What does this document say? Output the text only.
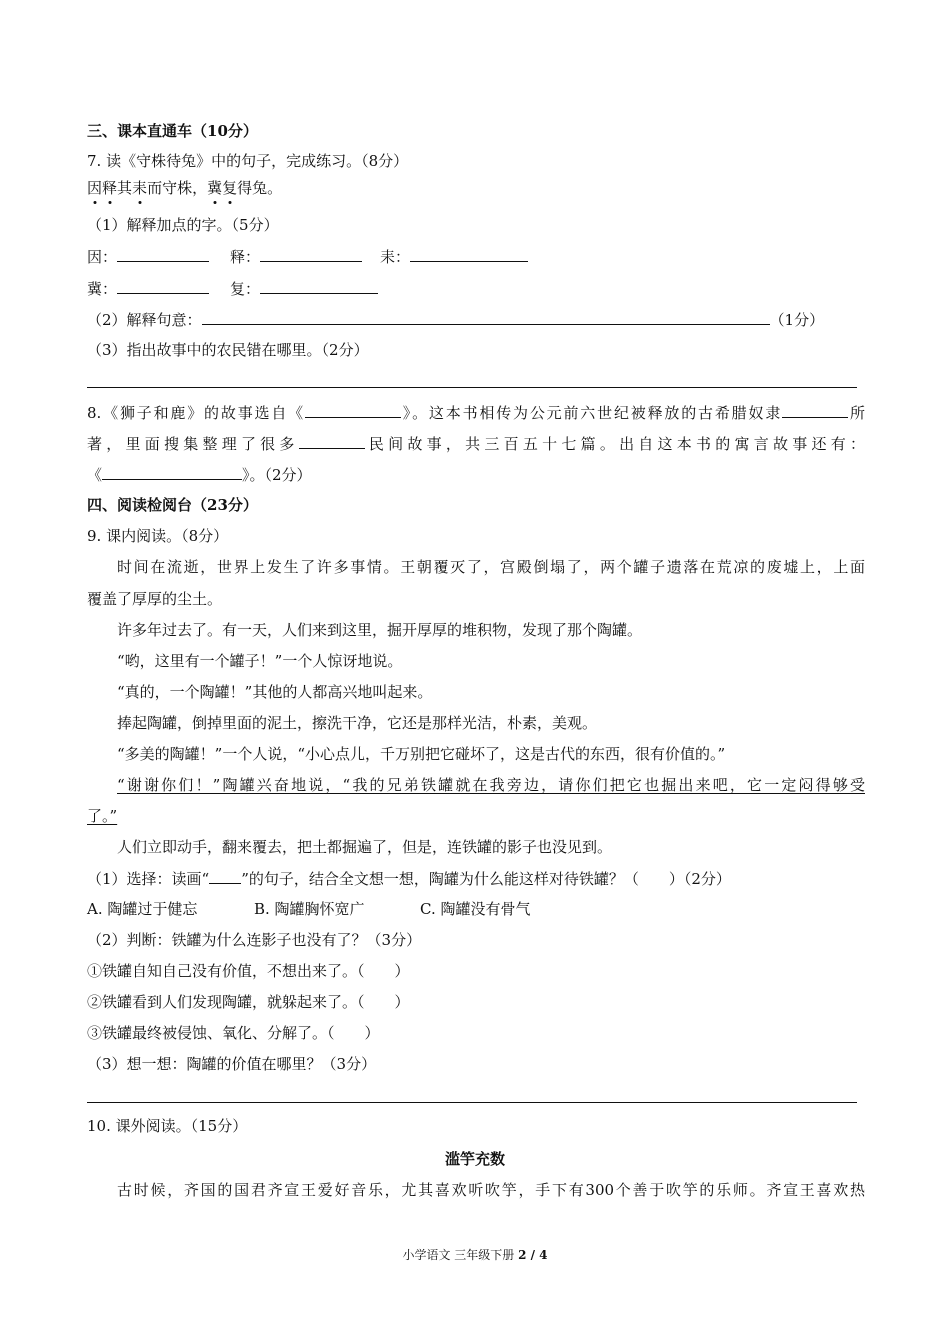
三、课本直通车（10分）
7. 读《守株待兔》中的句子，完成练习。（8分）
因
释
其耒
而守株，冀
复
得兔。
（1）解释加点的字。（5分）
因：	释：	耒：
冀：	复：
（2）解释句意：	（1分）
（3）指出故事中的农民错在哪里。（2分）
8.《狮子和鹿》的故事选自《	》。这本书相传为公元前六世纪被释放的古希腊奴隶	所
著，里面搜集整理了很多	民间故事，共三百五十七篇。出自这本书的寓言故事还有：
《	》。（2分）
四、阅读检阅台（23分）
9. 课内阅读。（8分）
时间在流逝，世界上发生了许多事情。王朝覆灭了，宫殿倒塌了，两个罐子遗落在荒凉的废墟上，上面
覆盖了厚厚的尘土。
许多年过去了。有一天，人们来到这里，掘开厚厚的堆积物，发现了那个陶罐。
“哟，这里有一个罐子！”一个人惊讶地说。
“真的，一个陶罐！”其他的人都高兴地叫起来。
捧起陶罐，倒掉里面的泥土，擦洗干净，它还是那样光洁，朴素，美观。
“多美的陶罐！”一个人说，“小心点儿，千万别把它碰坏了，这是古代的东西，很有价值的。”
“谢谢你们！”陶罐兴奋地说，“我的兄弟铁罐就在我旁边，请你们把它也掘出来吧，它一定闷得够受
了。”
人们立即动手，翻来覆去，把土都掘遍了，但是，连铁罐的影子也没见到。
（1）选择：读画“ ”的句子，结合全文想一想，陶罐为什么能这样对待铁罐？（　　）（2分）
A. 陶罐过于健忘	B. 陶罐胸怀宽广	C. 陶罐没有骨气
（2）判断：铁罐为什么连影子也没有了？（3分）
①铁罐自知自己没有价值，不想出来了。（　　）
②铁罐看到人们发现陶罐，就躲起来了。（　　）
③铁罐最终被侵蚀、氧化、分解了。（　　）
（3）想一想：陶罐的价值在哪里？（3分）
10. 课外阅读。（15分）
滥竽充数
古时候，齐国的国君齐宣王爱好音乐，尤其喜欢听吹竽，手下有300个善于吹竽的乐师。齐宣王喜欢热
小学语文 三年级下册 2 / 4
